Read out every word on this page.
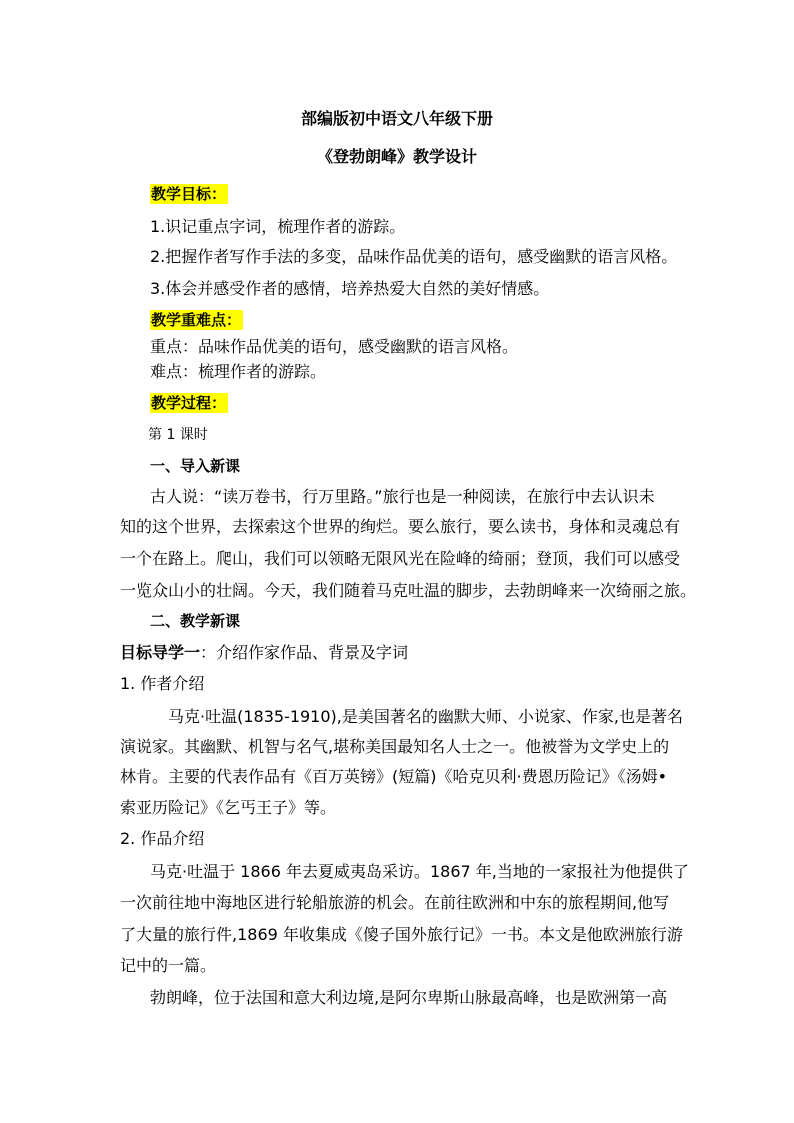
部编版初中语文八年级下册
《登勃朗峰》教学设计
教学目标：
1.识记重点字词，梳理作者的游踪。
2.把握作者写作手法的多变，品味作品优美的语句，感受幽默的语言风格。
3.体会并感受作者的感情，培养热爱大自然的美好情感。
教学重难点：
重点：品味作品优美的语句，感受幽默的语言风格。
难点：梳理作者的游踪。
教学过程：
第 1 课时
一、导入新课
古人说：“读万卷书，行万里路。”旅行也是一种阅读，在旅行中去认识未
知的这个世界，去探索这个世界的绚烂。要么旅行，要么读书，身体和灵魂总有
一个在路上。爬山，我们可以领略无限风光在险峰的绮丽；登顶，我们可以感受
一览众山小的壮阔。今天，我们随着马克吐温的脚步，去勃朗峰来一次绮丽之旅。
二、教学新课
目标导学一：介绍作家作品、背景及字词
1. 作者介绍
马克·吐温(1835-1910),是美国著名的幽默大师、小说家、作家,也是著名
演说家。其幽默、机智与名气,堪称美国最知名人士之一。他被誉为文学史上的
林肯。主要的代表作品有《百万英镑》(短篇)《哈克贝利·费恩历险记》《汤姆•
索亚历险记》《乞丐王子》等。
2. 作品介绍
马克·吐温于 1866 年去夏威夷岛采访。1867 年,当地的一家报社为他提供了
一次前往地中海地区进行轮船旅游的机会。在前往欧洲和中东的旅程期间,他写
了大量的旅行件,1869 年收集成《傻子国外旅行记》一书。本文是他欧洲旅行游
记中的一篇。
勃朗峰，位于法国和意大利边境,是阿尔卑斯山脉最高峰，也是欧洲第一高
